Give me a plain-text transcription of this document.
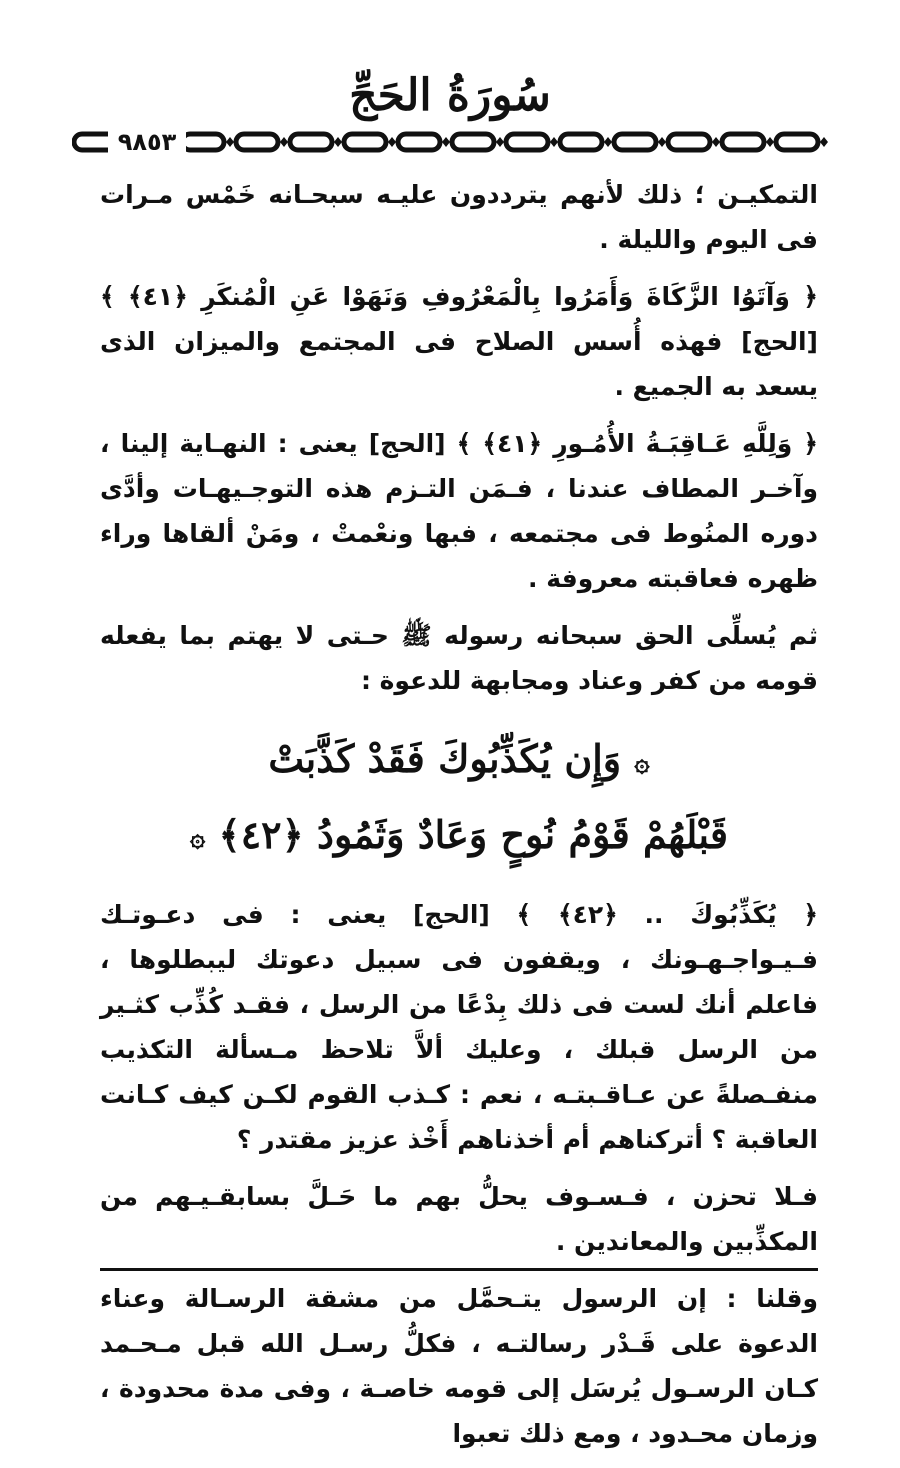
سُورَةُ الحَجِّ
٩٨٥٣

التمكيـن ؛ ذلك لأنهم يترددون عليـه سبحـانه خَمْس مـرات فى اليوم والليلة .

﴿ وَآتَوُا الزَّكَاةَ وَأَمَرُوا بِالْمَعْرُوفِ وَنَهَوْا عَنِ الْمُنكَرِ ﴿٤١﴾ ﴾ [الحج] فهذه أُسس الصلاح فى المجتمع والميزان الذى يسعد به الجميع .

﴿ وَلِلَّهِ عَـاقِبَـةُ الأُمُـورِ ﴿٤١﴾ ﴾ [الحج] يعنى : النهـاية إلينا ، وآخـر المطاف عندنا ، فـمَن التـزم هذه التوجـيهـات وأدَّى دوره المنُوط فى مجتمعه ، فبها ونعْمتْ ، ومَنْ ألقاها وراء ظهره فعاقبته معروفة .

ثم يُسلِّى الحق سبحانه رسوله ﷺ حـتى لا يهتم بما يفعله قومه من كفر وعناد ومجابهة للدعوة :

۞ وَإِن يُكَذِّبُوكَ فَقَدْ كَذَّبَتْ
قَبْلَهُمْ قَوْمُ نُوحٍ وَعَادٌ وَثَمُودُ ﴿٤٢﴾ ۞

﴿ يُكَذِّبُوكَ .. ﴿٤٢﴾ ﴾ [الحج] يعنى : فى دعـوتـك فـيـواجـهـونك ، ويقفون فى سبيل دعوتك ليبطلوها ، فاعلم أنك لست فى ذلك بِدْعًا من الرسل ، فقـد كُذِّب كثـير من الرسل قبلك ، وعليك ألاَّ تلاحظ مـسألة التكذيب منفـصلةً عن عـاقـبتـه ، نعم : كـذب القوم لكـن كيف كـانت العاقبة ؟ أتركناهم أم أخذناهم أَخْذ عزيز مقتدر ؟

فـلا تحزن ، فـسـوف يحلُّ بهم ما حَـلَّ بسابقـيـهم من المكذِّبين والمعاندين .

وقلنا : إن الرسول يتـحمَّل من مشقة الرسـالة وعناء الدعوة على قَـدْر رسالتـه ، فكلُّ رسـل الله قبل مـحـمد كـان الرسـول يُرسَل إلى قومه خاصـة ، وفى مدة محدودة ، وزمان محـدود ، ومع ذلك تعبوا
